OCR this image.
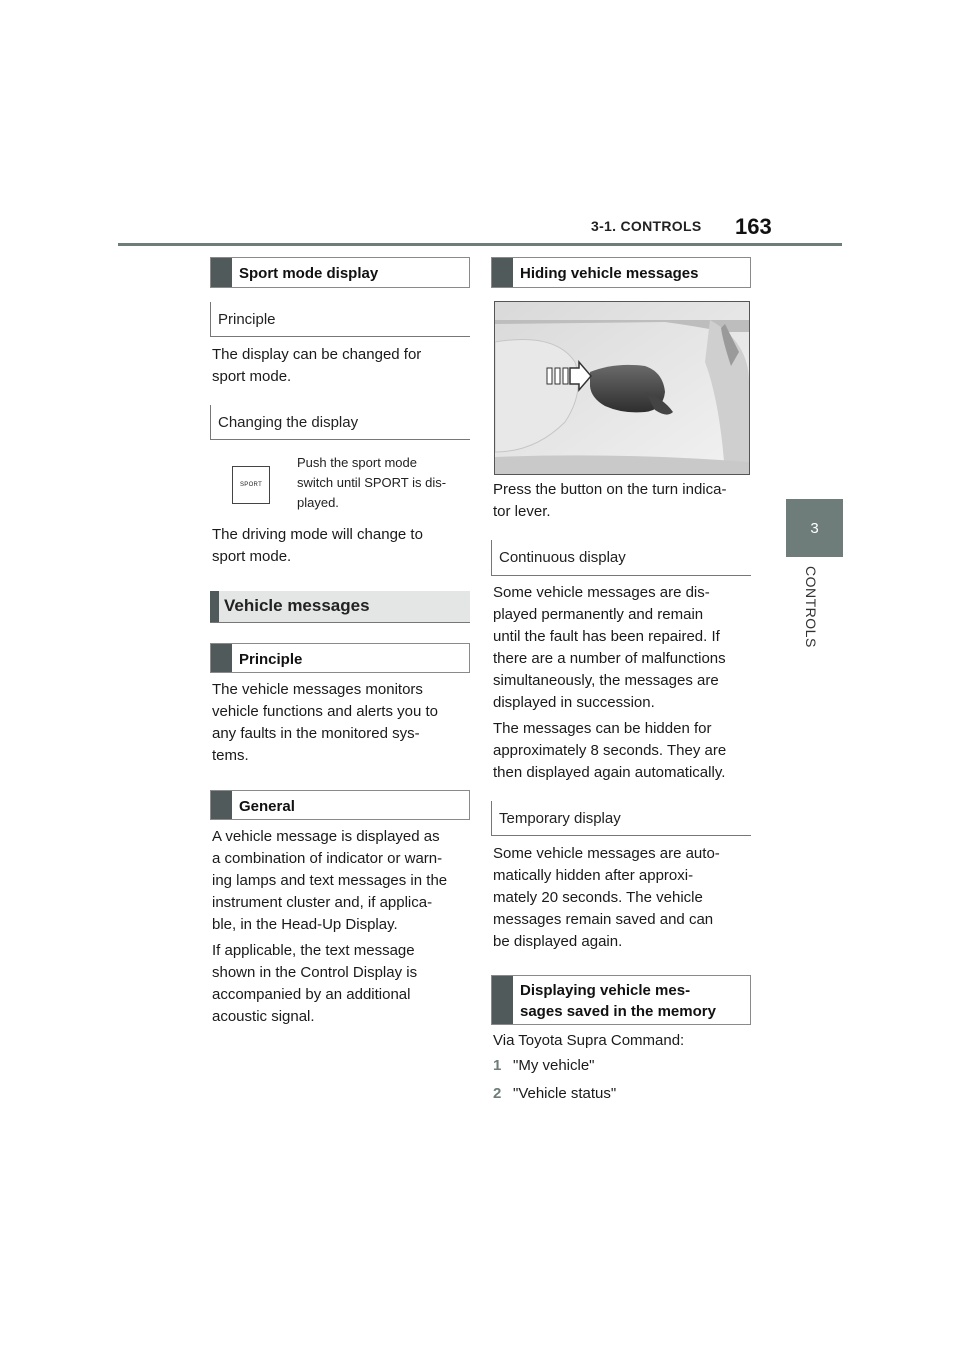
3-1. CONTROLS 163
3
CONTROLS
Sport mode display
Principle
The display can be changed for
sport mode.
Changing the display
SPORT
Push the sport mode
switch until SPORT is dis-
played.
The driving mode will change to
sport mode.
Vehicle messages
Principle
The vehicle messages monitors
vehicle functions and alerts you to
any faults in the monitored sys-
tems.
General
A vehicle message is displayed as
a combination of indicator or warn-
ing lamps and text messages in the
instrument cluster and, if applica-
ble, in the Head-Up Display.
If applicable, the text message
shown in the Control Display is
accompanied by an additional
acoustic signal.
Hiding vehicle messages
Press the button on the turn indica-
tor lever.
Continuous display
Some vehicle messages are dis-
played permanently and remain
until the fault has been repaired. If
there are a number of malfunctions
simultaneously, the messages are
displayed in succession.
The messages can be hidden for
approximately 8 seconds. They are
then displayed again automatically.
Temporary display
Some vehicle messages are auto-
matically hidden after approxi-
mately 20 seconds. The vehicle
messages remain saved and can
be displayed again.
Displaying vehicle mes-
sages saved in the memory
Via Toyota Supra Command:
1 "My vehicle"
2 "Vehicle status"
